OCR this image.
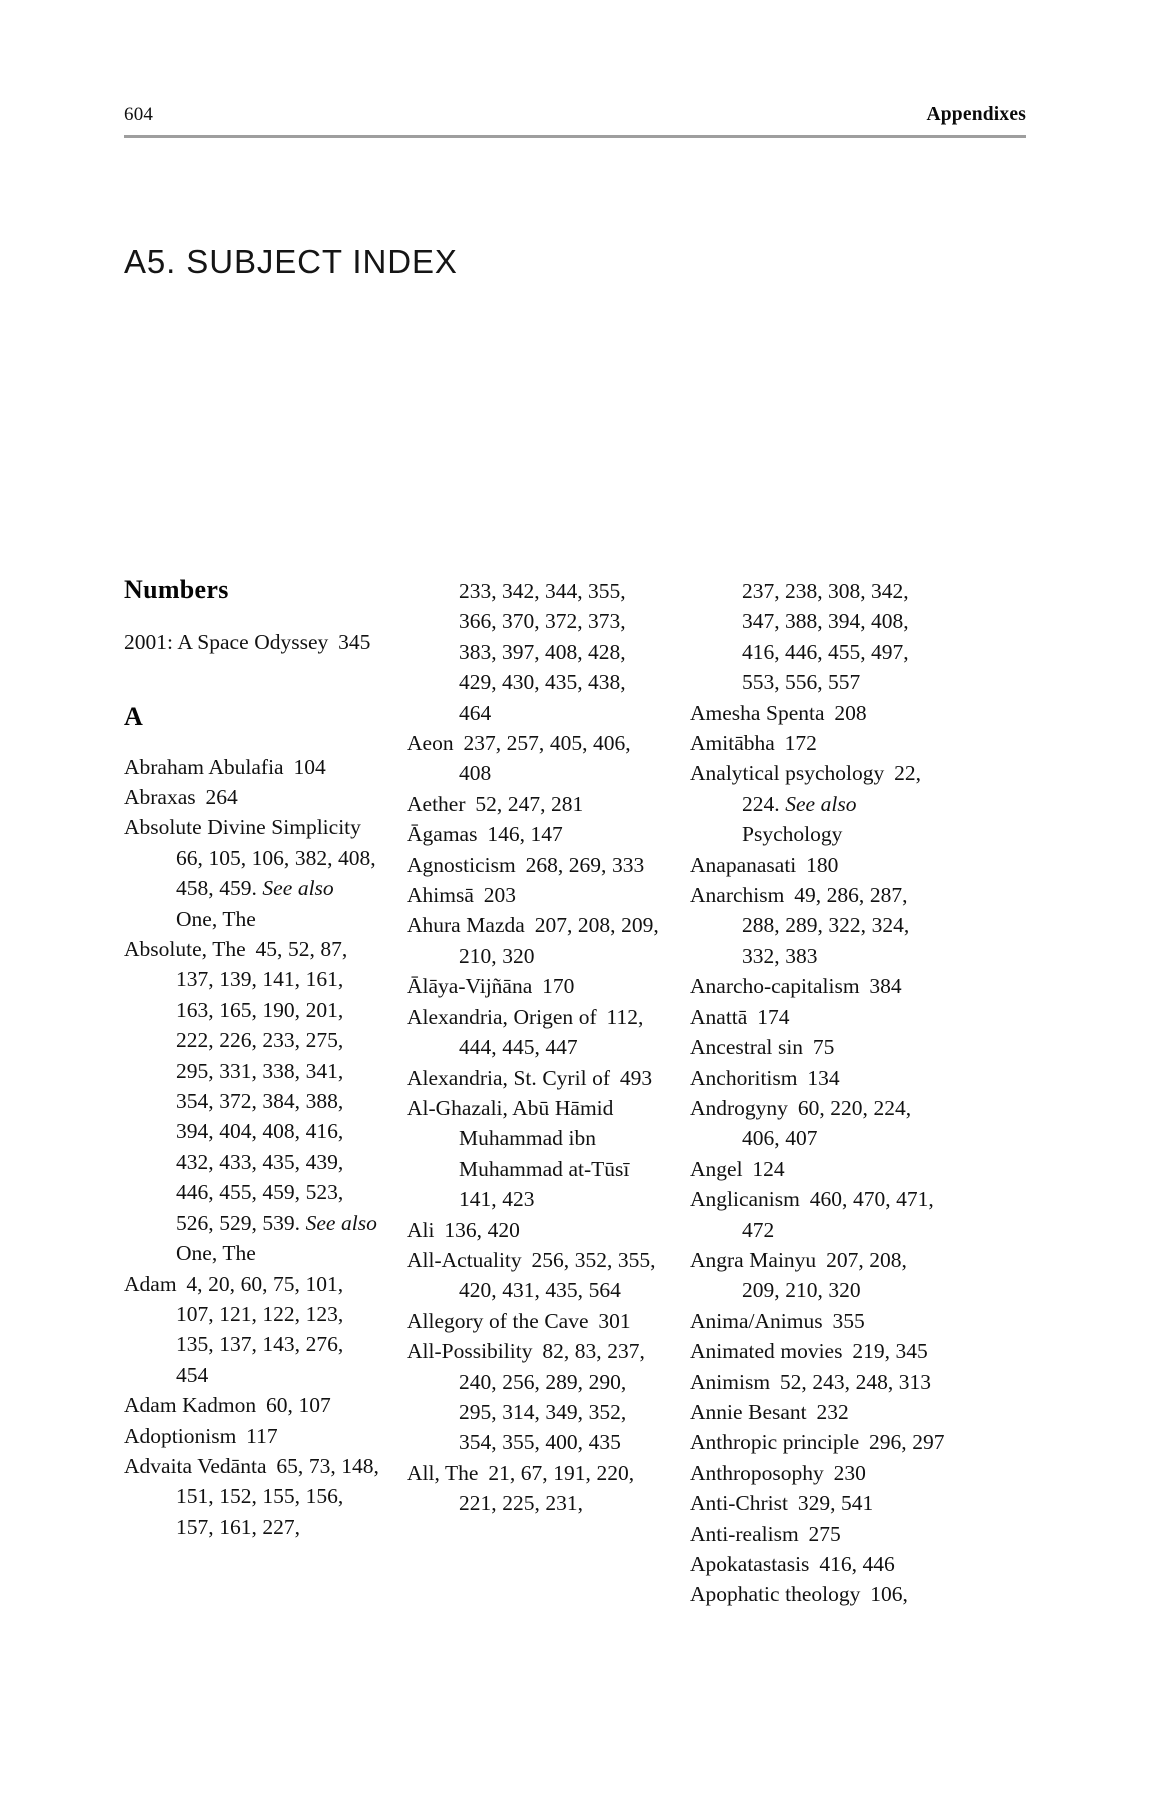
604	Appendixes
A5. SUBJECT INDEX
Numbers

2001: A Space Odyssey  345

A

Abraham Abulafia  104

Abraxas  264

Absolute Divine Simplicity  66, 105, 106, 382, 408, 458, 459. See also One, The

Absolute, The  45, 52, 87, 137, 139, 141, 161, 163, 165, 190, 201, 222, 226, 233, 275, 295, 331, 338, 341, 354, 372, 384, 388, 394, 404, 408, 416, 432, 433, 435, 439, 446, 455, 459, 523, 526, 529, 539. See also One, The

Adam  4, 20, 60, 75, 101, 107, 121, 122, 123, 135, 137, 143, 276, 454

Adam Kadmon  60, 107

Adoptionism  117

Advaita Vedānta  65, 73, 148, 151, 152, 155, 156, 157, 161, 227,

233, 342, 344, 355, 366, 370, 372, 373, 383, 397, 408, 428, 429, 430, 435, 438, 464

Aeon  237, 257, 405, 406, 408

Aether  52, 247, 281

Āgamas  146, 147

Agnosticism  268, 269, 333

Ahimsā  203

Ahura Mazda  207, 208, 209, 210, 320

Ālāya-Vijñāna  170

Alexandria, Origen of  112, 444, 445, 447

Alexandria, St. Cyril of  493

Al-Ghazali, Abū Hāmid Muhammad ibn Muhammad at-Tūsī  141, 423

Ali  136, 420

All-Actuality  256, 352, 355, 420, 431, 435, 564

Allegory of the Cave  301

All-Possibility  82, 83, 237, 240, 256, 289, 290, 295, 314, 349, 352, 354, 355, 400, 435

All, The  21, 67, 191, 220, 221, 225, 231,

237, 238, 308, 342, 347, 388, 394, 408, 416, 446, 455, 497, 553, 556, 557

Amesha Spenta  208

Amitābha  172

Analytical psychology  22, 224. See also Psychology

Anapanasati  180

Anarchism  49, 286, 287, 288, 289, 322, 324, 332, 383

Anarcho-capitalism  384

Anattā  174

Ancestral sin  75

Anchoritism  134

Androgyny  60, 220, 224, 406, 407

Angel  124

Anglicanism  460, 470, 471, 472

Angra Mainyu  207, 208, 209, 210, 320

Anima/Animus  355

Animated movies  219, 345

Animism  52, 243, 248, 313

Annie Besant  232

Anthropic principle  296, 297

Anthroposophy  230

Anti-Christ  329, 541

Anti-realism  275

Apokatastasis  416, 446

Apophatic theology  106,
